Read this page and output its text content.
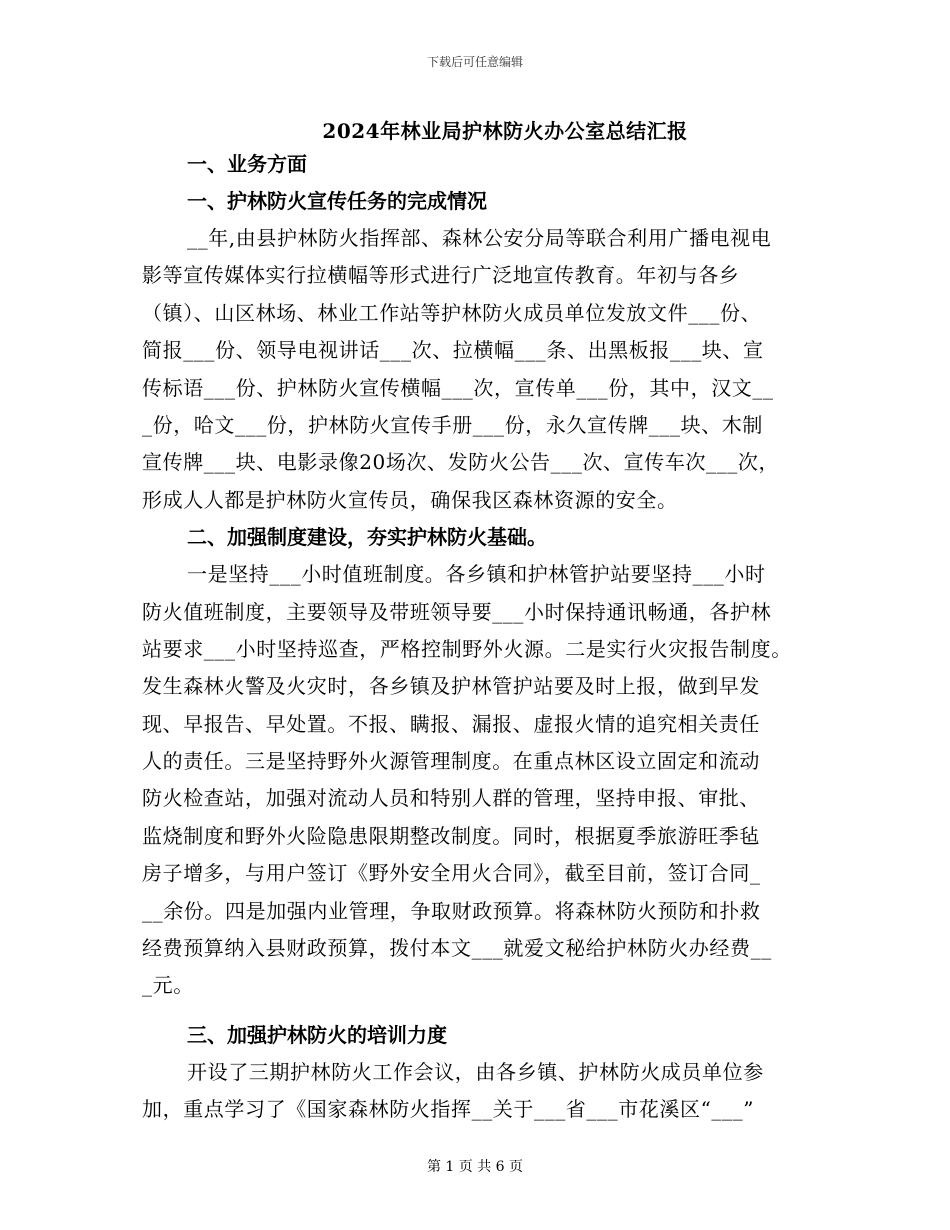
下载后可任意编辑
2024年林业局护林防火办公室总结汇报
一、业务方面
一、护林防火宣传任务的完成情况
__年,由县护林防火指挥部、森林公安分局等联合利用广播电视电
影等宣传媒体实行拉横幅等形式进行广泛地宣传教育。年初与各乡
（镇）、山区林场、林业工作站等护林防火成员单位发放文件___份、
简报___份、领导电视讲话___次、拉横幅___条、出黑板报___块、宣
传标语___份、护林防火宣传横幅___次，宣传单___份，其中，汉文__
_份，哈文___份，护林防火宣传手册___份，永久宣传牌___块、木制
宣传牌___块、电影录像20场次、发防火公告___次、宣传车次___次，
形成人人都是护林防火宣传员，确保我区森林资源的安全。
二、加强制度建设，夯实护林防火基础。
一是坚持___小时值班制度。各乡镇和护林管护站要坚持___小时
防火值班制度，主要领导及带班领导要___小时保持通讯畅通，各护林
站要求___小时坚持巡查，严格控制野外火源。二是实行火灾报告制度。
发生森林火警及火灾时，各乡镇及护林管护站要及时上报，做到早发
现、早报告、早处置。不报、瞒报、漏报、虚报火情的追究相关责任
人的责任。三是坚持野外火源管理制度。在重点林区设立固定和流动
防火检查站，加强对流动人员和特别人群的管理，坚持申报、审批、
监烧制度和野外火险隐患限期整改制度。同时，根据夏季旅游旺季毡
房子增多，与用户签订《野外安全用火合同》，截至目前，签订合同_
__余份。四是加强内业管理，争取财政预算。将森林防火预防和扑救
经费预算纳入县财政预算，拨付本文___就爱文秘给护林防火办经费__
_元。
三、加强护林防火的培训力度
开设了三期护林防火工作会议，由各乡镇、护林防火成员单位参
加，重点学习了《国家森林防火指挥__关于___省___市花溪区“___”
第 1 页 共 6 页
